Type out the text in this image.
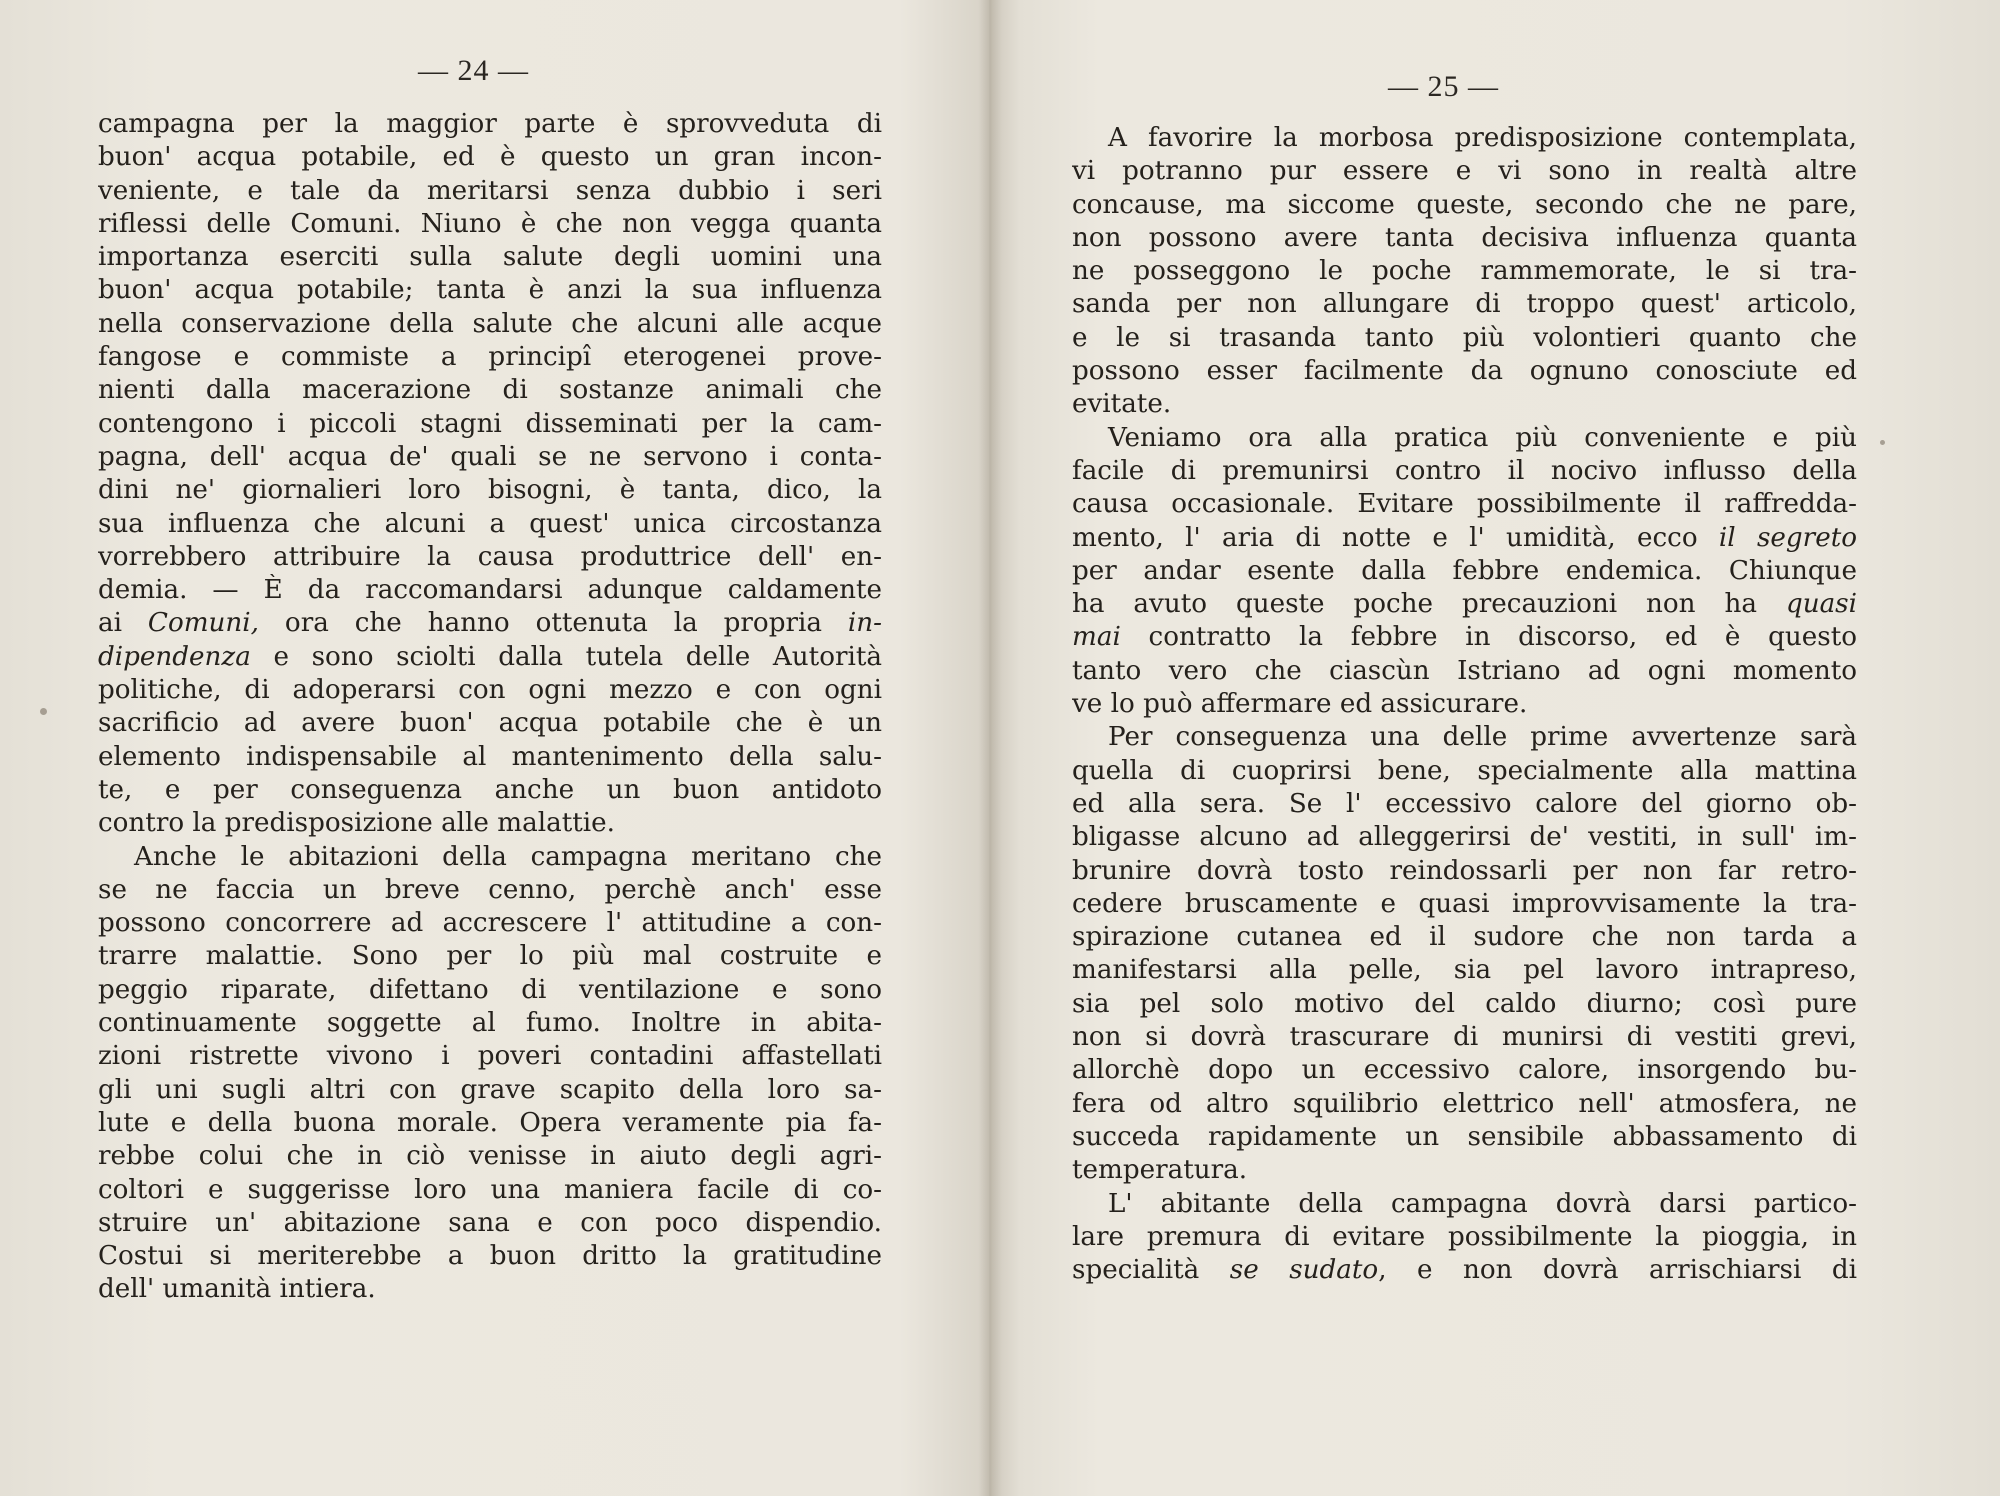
— 24 —
campagna per la maggior parte è sprovveduta di
buon' acqua potabile, ed è questo un gran incon-
veniente, e tale da meritarsi senza dubbio i seri
riflessi delle Comuni. Niuno è che non vegga quanta
importanza eserciti sulla salute degli uomini una
buon' acqua potabile; tanta è anzi la sua influenza
nella conservazione della salute che alcuni alle acque
fangose e commiste a principî eterogenei prove-
nienti dalla macerazione di sostanze animali che
contengono i piccoli stagni disseminati per la cam-
pagna, dell' acqua de' quali se ne servono i conta-
dini ne' giornalieri loro bisogni, è tanta, dico, la
sua influenza che alcuni a quest' unica circostanza
vorrebbero attribuire la causa produttrice dell' en-
demia. — È da raccomandarsi adunque caldamente
ai Comuni, ora che hanno ottenuta la propria in-
dipendenza e sono sciolti dalla tutela delle Autorità
politiche, di adoperarsi con ogni mezzo e con ogni
sacrificio ad avere buon' acqua potabile che è un
elemento indispensabile al mantenimento della salu-
te, e per conseguenza anche un buon antidoto
contro la predisposizione alle malattie.
Anche le abitazioni della campagna meritano che
se ne faccia un breve cenno, perchè anch' esse
possono concorrere ad accrescere l' attitudine a con-
trarre malattie. Sono per lo più mal costruite e
peggio riparate, difettano di ventilazione e sono
continuamente soggette al fumo. Inoltre in abita-
zioni ristrette vivono i poveri contadini affastellati
gli uni sugli altri con grave scapito della loro sa-
lute e della buona morale. Opera veramente pia fa-
rebbe colui che in ciò venisse in aiuto degli agri-
coltori e suggerisse loro una maniera facile di co-
struire un' abitazione sana e con poco dispendio.
Costui si meriterebbe a buon dritto la gratitudine
dell' umanità intiera.
— 25 —
A favorire la morbosa predisposizione contemplata,
vi potranno pur essere e vi sono in realtà altre
concause, ma siccome queste, secondo che ne pare,
non possono avere tanta decisiva influenza quanta
ne posseggono le poche rammemorate, le si tra-
sanda per non allungare di troppo quest' articolo,
e le si trasanda tanto più volontieri quanto che
possono esser facilmente da ognuno conosciute ed
evitate.
Veniamo ora alla pratica più conveniente e più
facile di premunirsi contro il nocivo influsso della
causa occasionale. Evitare possibilmente il raffredda-
mento, l' aria di notte e l' umidità, ecco il segreto
per andar esente dalla febbre endemica. Chiunque
ha avuto queste poche precauzioni non ha quasi
mai contratto la febbre in discorso, ed è questo
tanto vero che ciascùn Istriano ad ogni momento
ve lo può affermare ed assicurare.
Per conseguenza una delle prime avvertenze sarà
quella di cuoprirsi bene, specialmente alla mattina
ed alla sera. Se l' eccessivo calore del giorno ob-
bligasse alcuno ad alleggerirsi de' vestiti, in sull' im-
brunire dovrà tosto reindossarli per non far retro-
cedere bruscamente e quasi improvvisamente la tra-
spirazione cutanea ed il sudore che non tarda a
manifestarsi alla pelle, sia pel lavoro intrapreso,
sia pel solo motivo del caldo diurno; così pure
non si dovrà trascurare di munirsi di vestiti grevi,
allorchè dopo un eccessivo calore, insorgendo bu-
fera od altro squilibrio elettrico nell' atmosfera, ne
succeda rapidamente un sensibile abbassamento di
temperatura.
L' abitante della campagna dovrà darsi partico-
lare premura di evitare possibilmente la pioggia, in
specialità se sudato, e non dovrà arrischiarsi di
